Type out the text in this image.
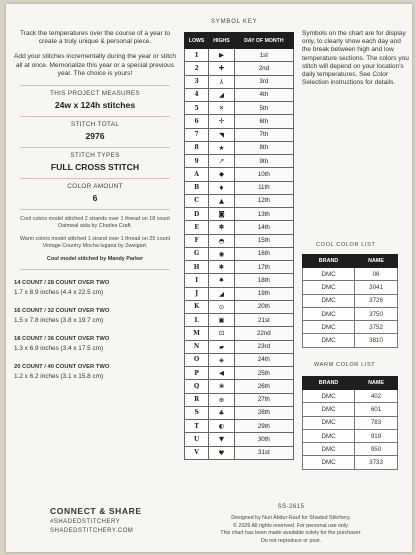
Track the temperatures over the course of a year to create a truly unique & personal piece.

Add your stitches incrementally during the year or stitch all at once. Memorialize this year or a special previous year. The choice is yours!

THIS PROJECT MEASURES
24w x 124h stitches
STITCH TOTAL
2976
STITCH TYPES
FULL CROSS STITCH
COLOR AMOUNT
6
Cool colors model stitched 2 strands over 1 thread on 18 count Oatmeal aida by Charles Craft.
Warm colors model stitched 1 strand over 1 thread on 25 count Vintage Country Mocha lugana by Zweigart.
Cool model stitched by Mandy Parker
14 COUNT / 28 COUNT OVER TWO
1.7 x 8.9 inches (4.4 x 22.5 cm)
16 COUNT / 32 COUNT OVER TWO
1.5 x 7.8 inches (3.8 x 19.7 cm)
18 COUNT / 36 COUNT OVER TWO
1.3 x 6.9 inches (3.4 x 17.5 cm)
20 COUNT / 40 COUNT OVER TWO
1.2 x 6.2 inches (3.1 x 15.8 cm)
CONNECT & SHARE
#SHADEDSTITCHERY
SHADEDSTITCHERY.COM
SYMBOL KEY
LOWS	HIGHS	DAY OF MONTH
1	▶	1st
2	✚	2nd
3	⅄	3rd
4	◢	4th
5	✕	5th
6	✢	6th
7	◥	7th
8	★	8th
9	↗	9th
A	◆	10th
B	♦	11th
C	▲	12th
D	◙	13th
E	✽	14th
F	◓	15th
G	◉	16th
H	✱	17th
I	♠	18th
J	◢	19th
K	⊙	20th
L	▣	21st
M	⊡	22nd
N	▰	23rd
O	◈	24th
P	◀	25th
Q	❀	26th
R	⊕	27th
S	♣	28th
T	◐	29th
U	▼	30th
V	♥	31st
Symbols on the chart are for display only, to clearly show each day and the break between high and low temperature sections. The colors you stitch will depend on your location's daily temperatures. See Color Selection instructions for details.
COOL COLOR LIST
BRAND	NAME
DMC	06
DMC	3041
DMC	3726
DMC	3750
DMC	3752
DMC	3810
WARM COLOR LIST
BRAND	NAME
DMC	402
DMC	601
DMC	783
DMC	919
DMC	950
DMC	3733
SS-2615
Designed by Nuri Abdur-Rauf for Shaded Stitchery.
© 2026 All rights reserved. For personal use only.
This chart has been made available solely for the purchaser.
Do not reproduce or post.
